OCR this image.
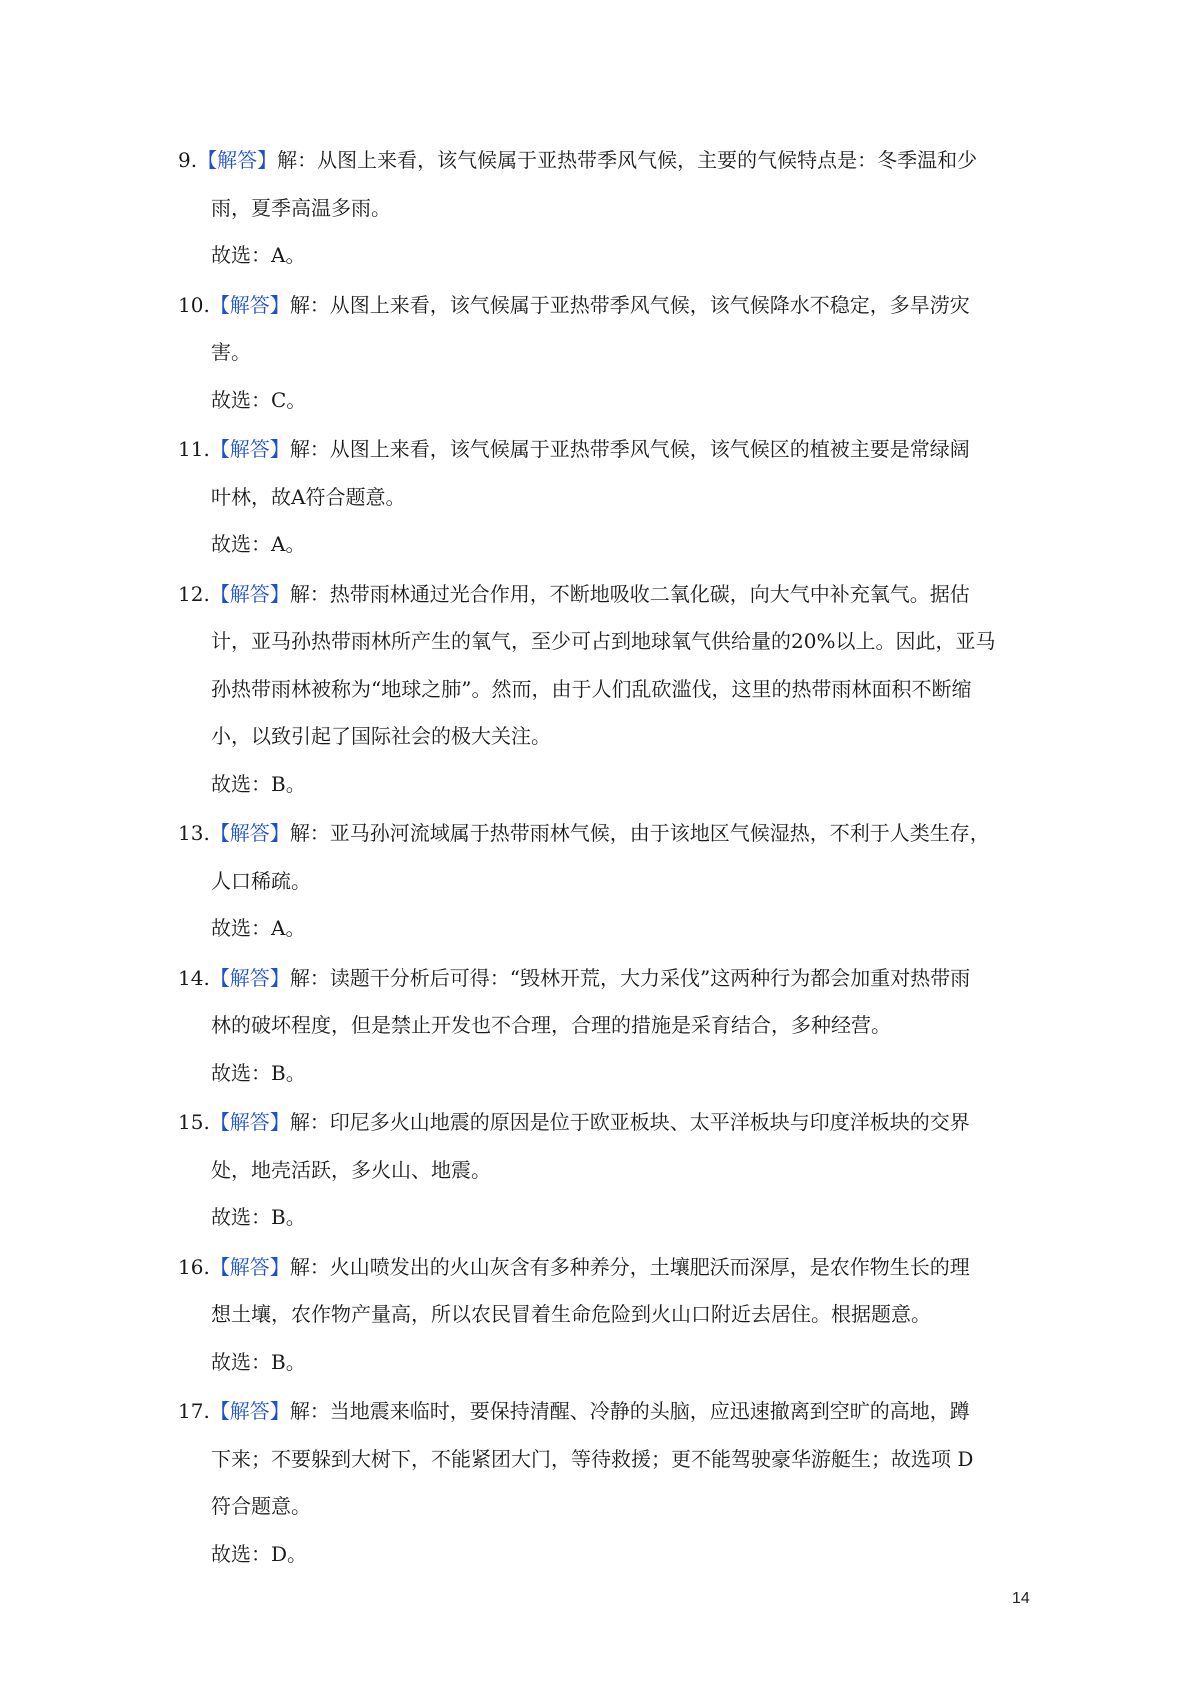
9.【解答】解：从图上来看，该气候属于亚热带季风气候，主要的气候特点是：冬季温和少
雨，夏季高温多雨。
故选：A。
10.【解答】解：从图上来看，该气候属于亚热带季风气候，该气候降水不稳定，多旱涝灾
害。
故选：C。
11.【解答】解：从图上来看，该气候属于亚热带季风气候，该气候区的植被主要是常绿阔
叶林，故A符合题意。
故选：A。
12.【解答】解：热带雨林通过光合作用，不断地吸收二氧化碳，向大气中补充氧气。据估
计，亚马孙热带雨林所产生的氧气，至少可占到地球氧气供给量的20%以上。因此，亚马
孙热带雨林被称为“地球之肺”。然而，由于人们乱砍滥伐，这里的热带雨林面积不断缩
小，以致引起了国际社会的极大关注。
故选：B。
13.【解答】解：亚马孙河流域属于热带雨林气候，由于该地区气候湿热，不利于人类生存，
人口稀疏。
故选：A。
14.【解答】解：读题干分析后可得：“毁林开荒，大力采伐”这两种行为都会加重对热带雨
林的破坏程度，但是禁止开发也不合理，合理的措施是采育结合，多种经营。
故选：B。
15.【解答】解：印尼多火山地震的原因是位于欧亚板块、太平洋板块与印度洋板块的交界
处，地壳活跃，多火山、地震。
故选：B。
16.【解答】解：火山喷发出的火山灰含有多种养分，土壤肥沃而深厚，是农作物生长的理
想土壤，农作物产量高，所以农民冒着生命危险到火山口附近去居住。根据题意。
故选：B。
17.【解答】解：当地震来临时，要保持清醒、冷静的头脑，应迅速撤离到空旷的高地，蹲
下来；不要躲到大树下，不能紧团大门，等待救援；更不能驾驶豪华游艇生；故选项 D
符合题意。
故选：D。
14
